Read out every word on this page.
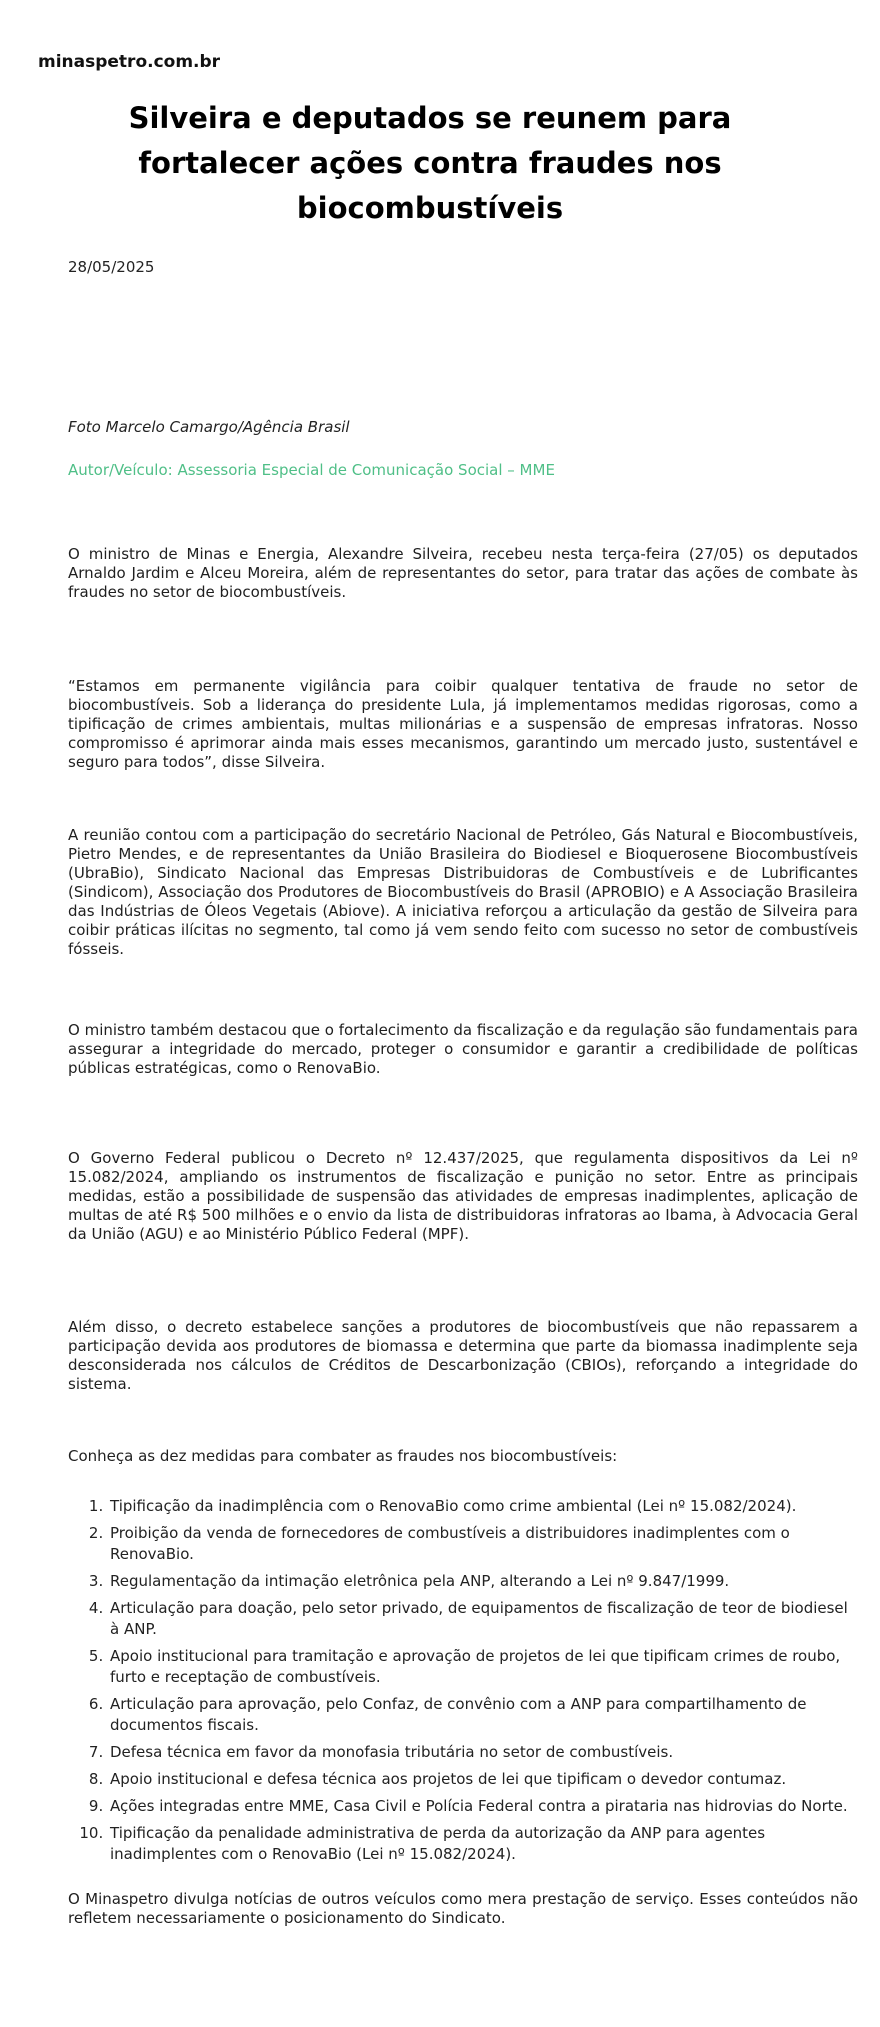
minaspetro.com.br
Silveira e deputados se reunem para fortalecer ações contra fraudes nos biocombustíveis
28/05/2025
Foto Marcelo Camargo/Agência Brasil
Autor/Veículo: Assessoria Especial de Comunicação Social – MME

O ministro de Minas e Energia, Alexandre Silveira, recebeu nesta terça-feira (27/05) os deputados Arnaldo Jardim e Alceu Moreira, além de representantes do setor, para tratar das ações de combate às fraudes no setor de biocombustíveis.

“Estamos em permanente vigilância para coibir qualquer tentativa de fraude no setor de biocombustíveis. Sob a liderança do presidente Lula, já implementamos medidas rigorosas, como a tipificação de crimes ambientais, multas milionárias e a suspensão de empresas infratoras. Nosso compromisso é aprimorar ainda mais esses mecanismos, garantindo um mercado justo, sustentável e seguro para todos”, disse Silveira.

A reunião contou com a participação do secretário Nacional de Petróleo, Gás Natural e Biocombustíveis, Pietro Mendes, e de representantes da União Brasileira do Biodiesel e Bioquerosene Biocombustíveis (UbraBio), Sindicato Nacional das Empresas Distribuidoras de Combustíveis e de Lubrificantes (Sindicom), Associação dos Produtores de Biocombustíveis do Brasil (APROBIO) e A Associação Brasileira das Indústrias de Óleos Vegetais (Abiove). A iniciativa reforçou a articulação da gestão de Silveira para coibir práticas ilícitas no segmento, tal como já vem sendo feito com sucesso no setor de combustíveis fósseis.

O ministro também destacou que o fortalecimento da fiscalização e da regulação são fundamentais para assegurar a integridade do mercado, proteger o consumidor e garantir a credibilidade de políticas públicas estratégicas, como o RenovaBio.

O Governo Federal publicou o Decreto nº 12.437/2025, que regulamenta dispositivos da Lei nº 15.082/2024, ampliando os instrumentos de fiscalização e punição no setor. Entre as principais medidas, estão a possibilidade de suspensão das atividades de empresas inadimplentes, aplicação de multas de até R$ 500 milhões e o envio da lista de distribuidoras infratoras ao Ibama, à Advocacia Geral da União (AGU) e ao Ministério Público Federal (MPF).

Além disso, o decreto estabelece sanções a produtores de biocombustíveis que não repassarem a participação devida aos produtores de biomassa e determina que parte da biomassa inadimplente seja desconsiderada nos cálculos de Créditos de Descarbonização (CBIOs), reforçando a integridade do sistema.

Conheça as dez medidas para combater as fraudes nos biocombustíveis:

1. Tipificação da inadimplência com o RenovaBio como crime ambiental (Lei nº 15.082/2024).
2. Proibição da venda de fornecedores de combustíveis a distribuidores inadimplentes com o RenovaBio.
3. Regulamentação da intimação eletrônica pela ANP, alterando a Lei nº 9.847/1999.
4. Articulação para doação, pelo setor privado, de equipamentos de fiscalização de teor de biodiesel à ANP.
5. Apoio institucional para tramitação e aprovação de projetos de lei que tipificam crimes de roubo, furto e receptação de combustíveis.
6. Articulação para aprovação, pelo Confaz, de convênio com a ANP para compartilhamento de documentos fiscais.
7. Defesa técnica em favor da monofasia tributária no setor de combustíveis.
8. Apoio institucional e defesa técnica aos projetos de lei que tipificam o devedor contumaz.
9. Ações integradas entre MME, Casa Civil e Polícia Federal contra a pirataria nas hidrovias do Norte.
10. Tipificação da penalidade administrativa de perda da autorização da ANP para agentes inadimplentes com o RenovaBio (Lei nº 15.082/2024).

O Minaspetro divulga notícias de outros veículos como mera prestação de serviço. Esses conteúdos não refletem necessariamente o posicionamento do Sindicato.
